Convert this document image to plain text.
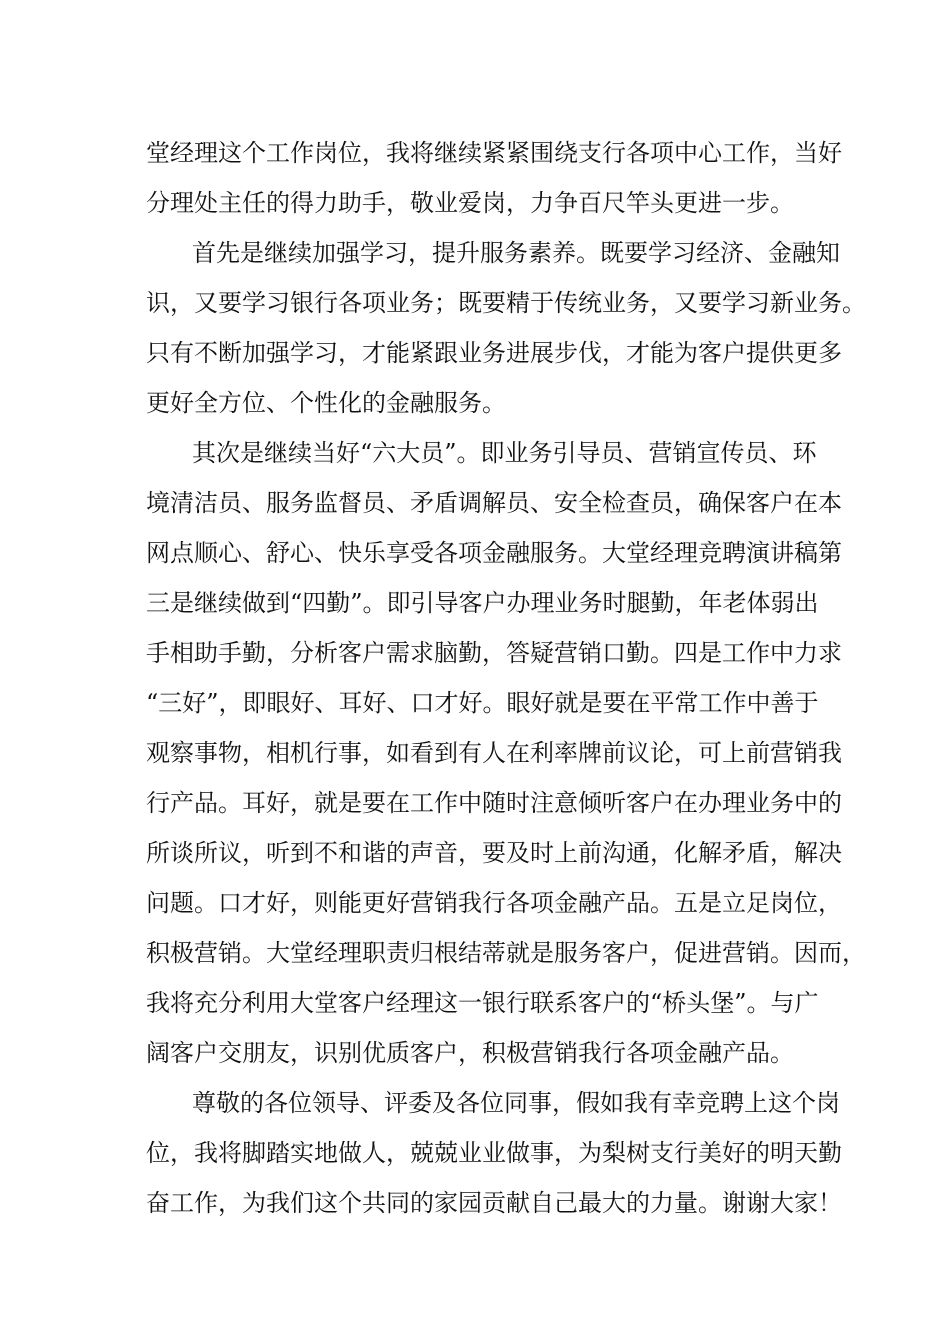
堂经理这个工作岗位，我将继续紧紧围绕支行各项中心工作，当好
分理处主任的得力助手，敬业爱岗，力争百尺竿头更进一步。
首先是继续加强学习，提升服务素养。既要学习经济、金融知
识，又要学习银行各项业务；既要精于传统业务，又要学习新业务。
只有不断加强学习，才能紧跟业务进展步伐，才能为客户提供更多
更好全方位、个性化的金融服务。
其次是继续当好“六大员”。即业务引导员、营销宣传员、环
境清洁员、服务监督员、矛盾调解员、安全检查员，确保客户在本
网点顺心、舒心、快乐享受各项金融服务。大堂经理竞聘演讲稿第
三是继续做到“四勤”。即引导客户办理业务时腿勤，年老体弱出
手相助手勤，分析客户需求脑勤，答疑营销口勤。四是工作中力求
“三好”，即眼好、耳好、口才好。眼好就是要在平常工作中善于
观察事物，相机行事，如看到有人在利率牌前议论，可上前营销我
行产品。耳好，就是要在工作中随时注意倾听客户在办理业务中的
所谈所议，听到不和谐的声音，要及时上前沟通，化解矛盾，解决
问题。口才好，则能更好营销我行各项金融产品。五是立足岗位，
积极营销。大堂经理职责归根结蒂就是服务客户，促进营销。因而，
我将充分利用大堂客户经理这一银行联系客户的“桥头堡”。与广
阔客户交朋友，识别优质客户，积极营销我行各项金融产品。
尊敬的各位领导、评委及各位同事，假如我有幸竞聘上这个岗
位，我将脚踏实地做人，兢兢业业做事，为梨树支行美好的明天勤
奋工作，为我们这个共同的家园贡献自己最大的力量。谢谢大家！
